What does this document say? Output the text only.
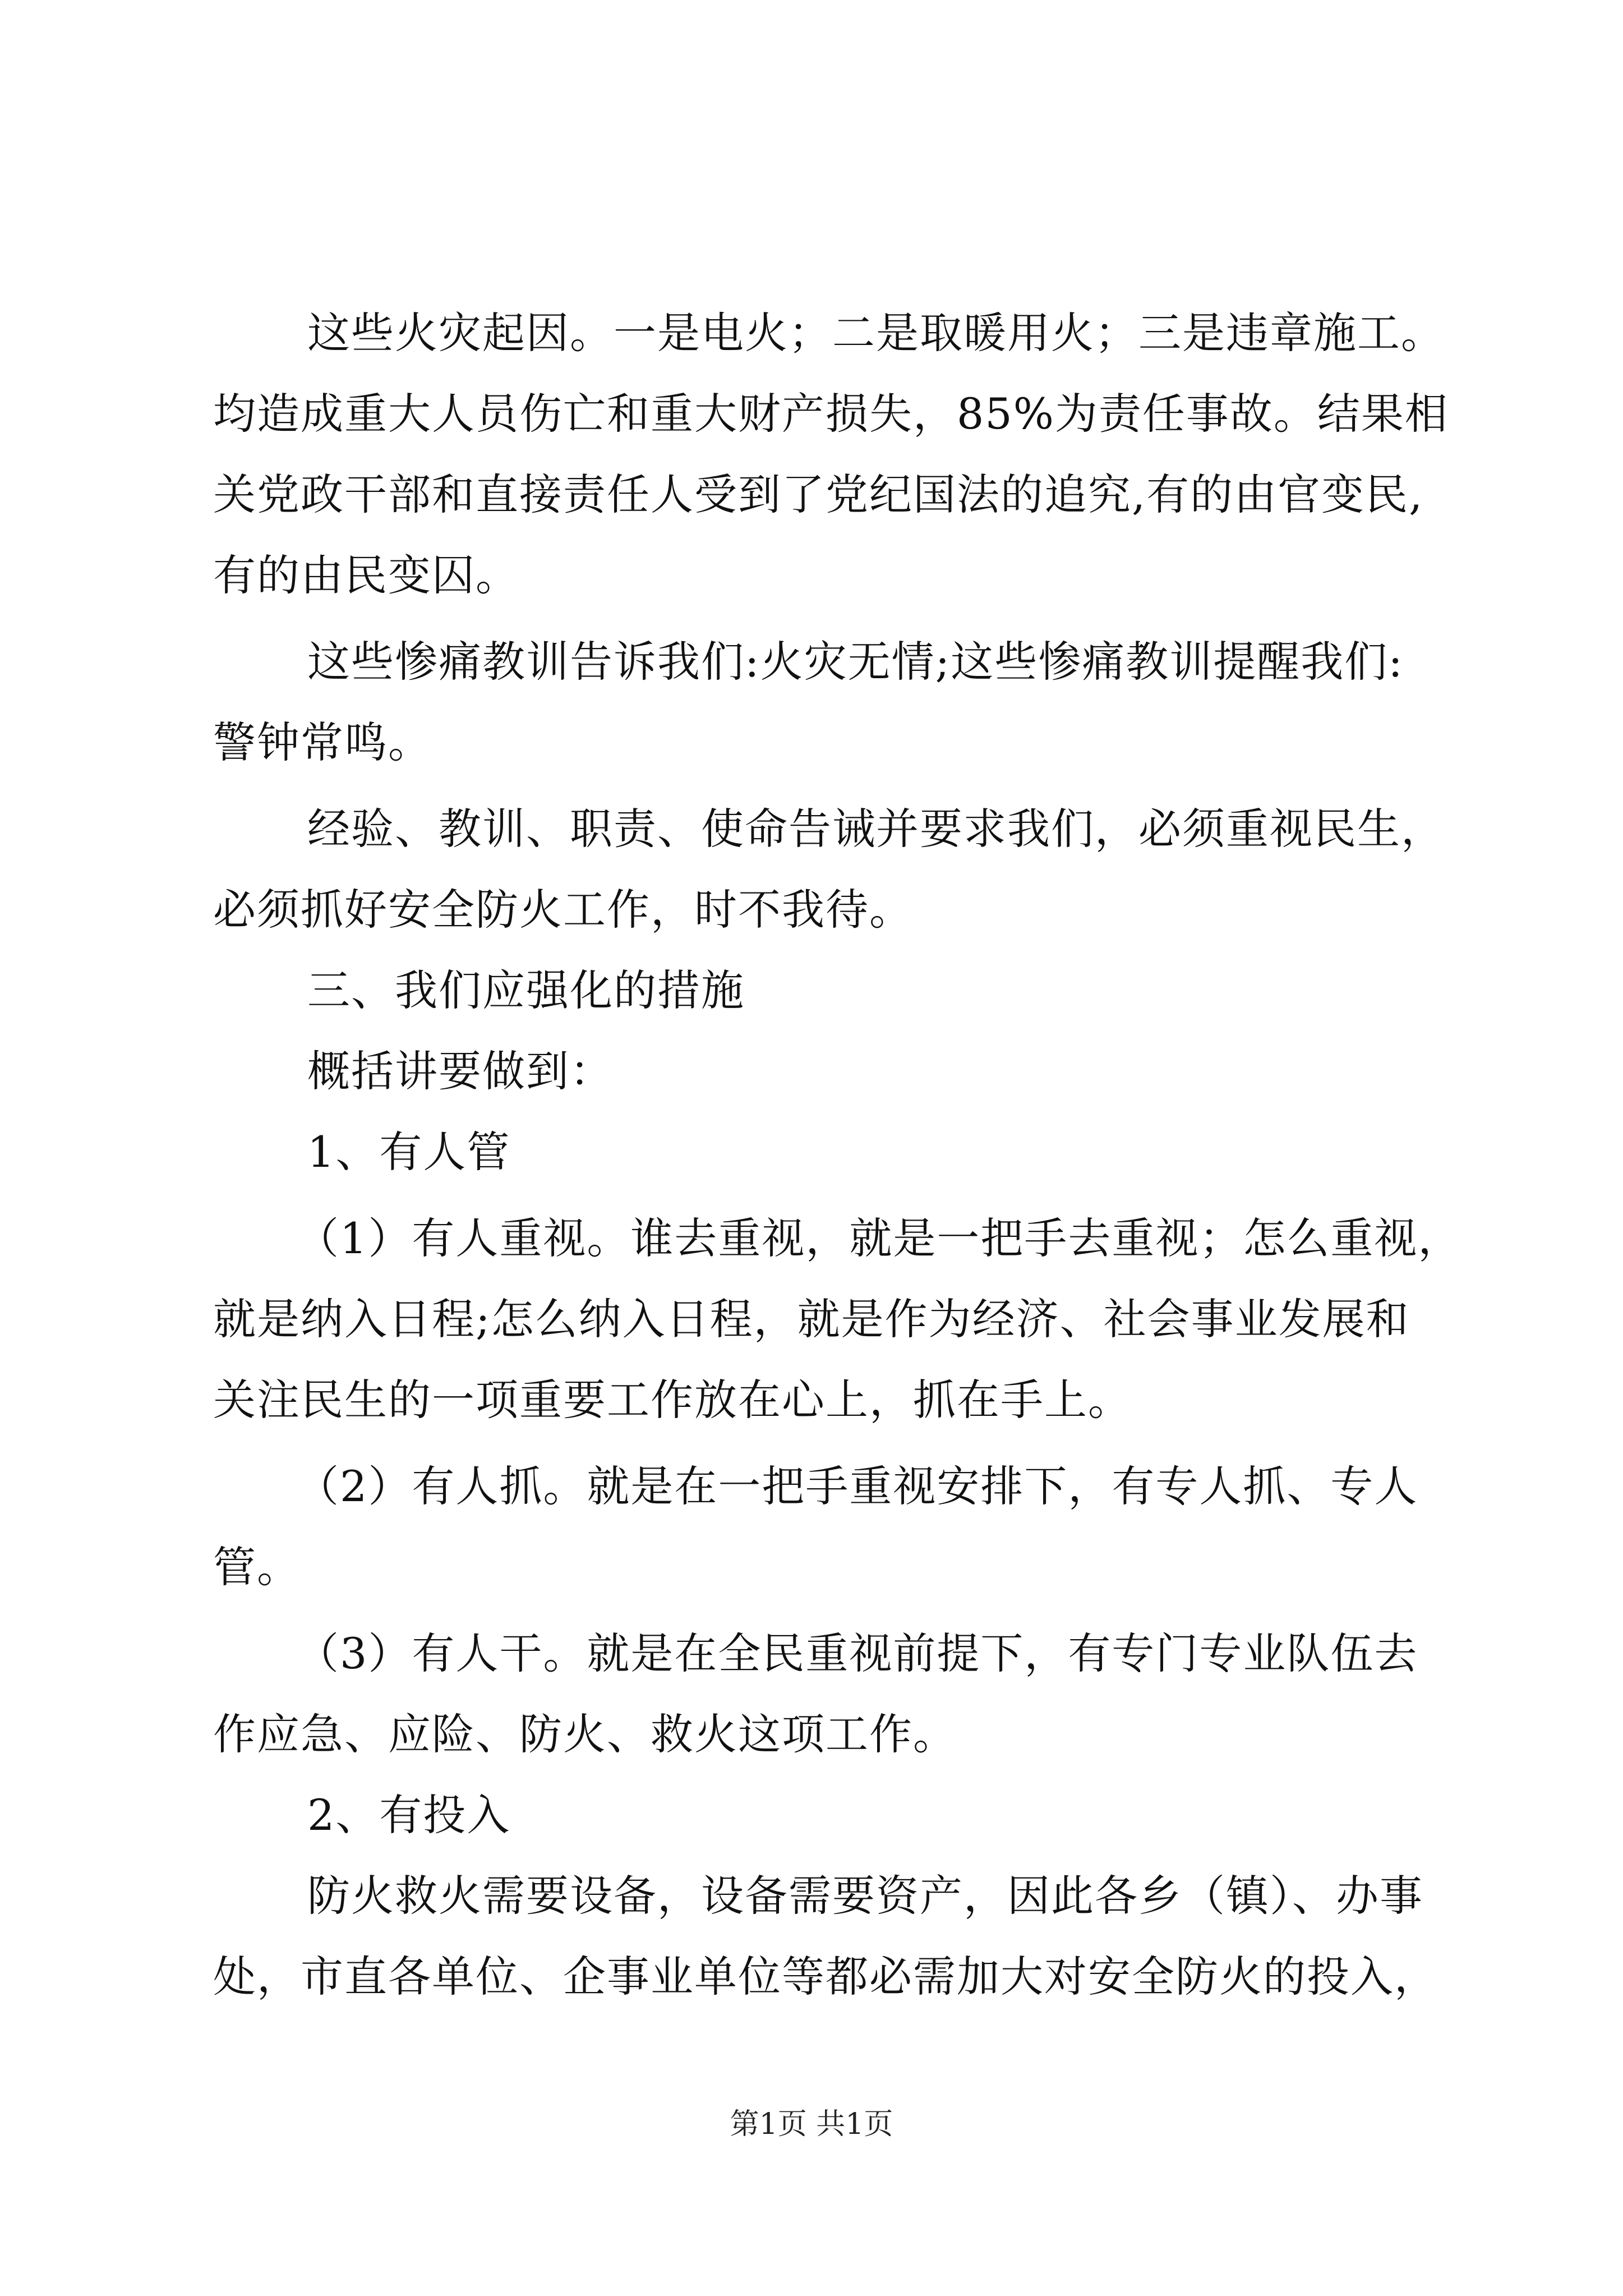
这些火灾起因。一是电火；二是取暖用火；三是违章施工。
均造成重大人员伤亡和重大财产损失，85%为责任事故。结果相
关党政干部和直接责任人受到了党纪国法的追究,有的由官变民,
有的由民变囚。
这些惨痛教训告诉我们:火灾无情;这些惨痛教训提醒我们:
警钟常鸣。
经验、教训、职责、使命告诫并要求我们，必须重视民生，
必须抓好安全防火工作，时不我待。
三、我们应强化的措施
概括讲要做到：
1、有人管
（1）有人重视。谁去重视，就是一把手去重视；怎么重视，
就是纳入日程;怎么纳入日程，就是作为经济、社会事业发展和
关注民生的一项重要工作放在心上，抓在手上。
（2）有人抓。就是在一把手重视安排下，有专人抓、专人
管。
（3）有人干。就是在全民重视前提下，有专门专业队伍去
作应急、应险、防火、救火这项工作。
2、有投入
防火救火需要设备，设备需要资产，因此各乡（镇）、办事
处，市直各单位、企事业单位等都必需加大对安全防火的投入，
第1页 共1页
